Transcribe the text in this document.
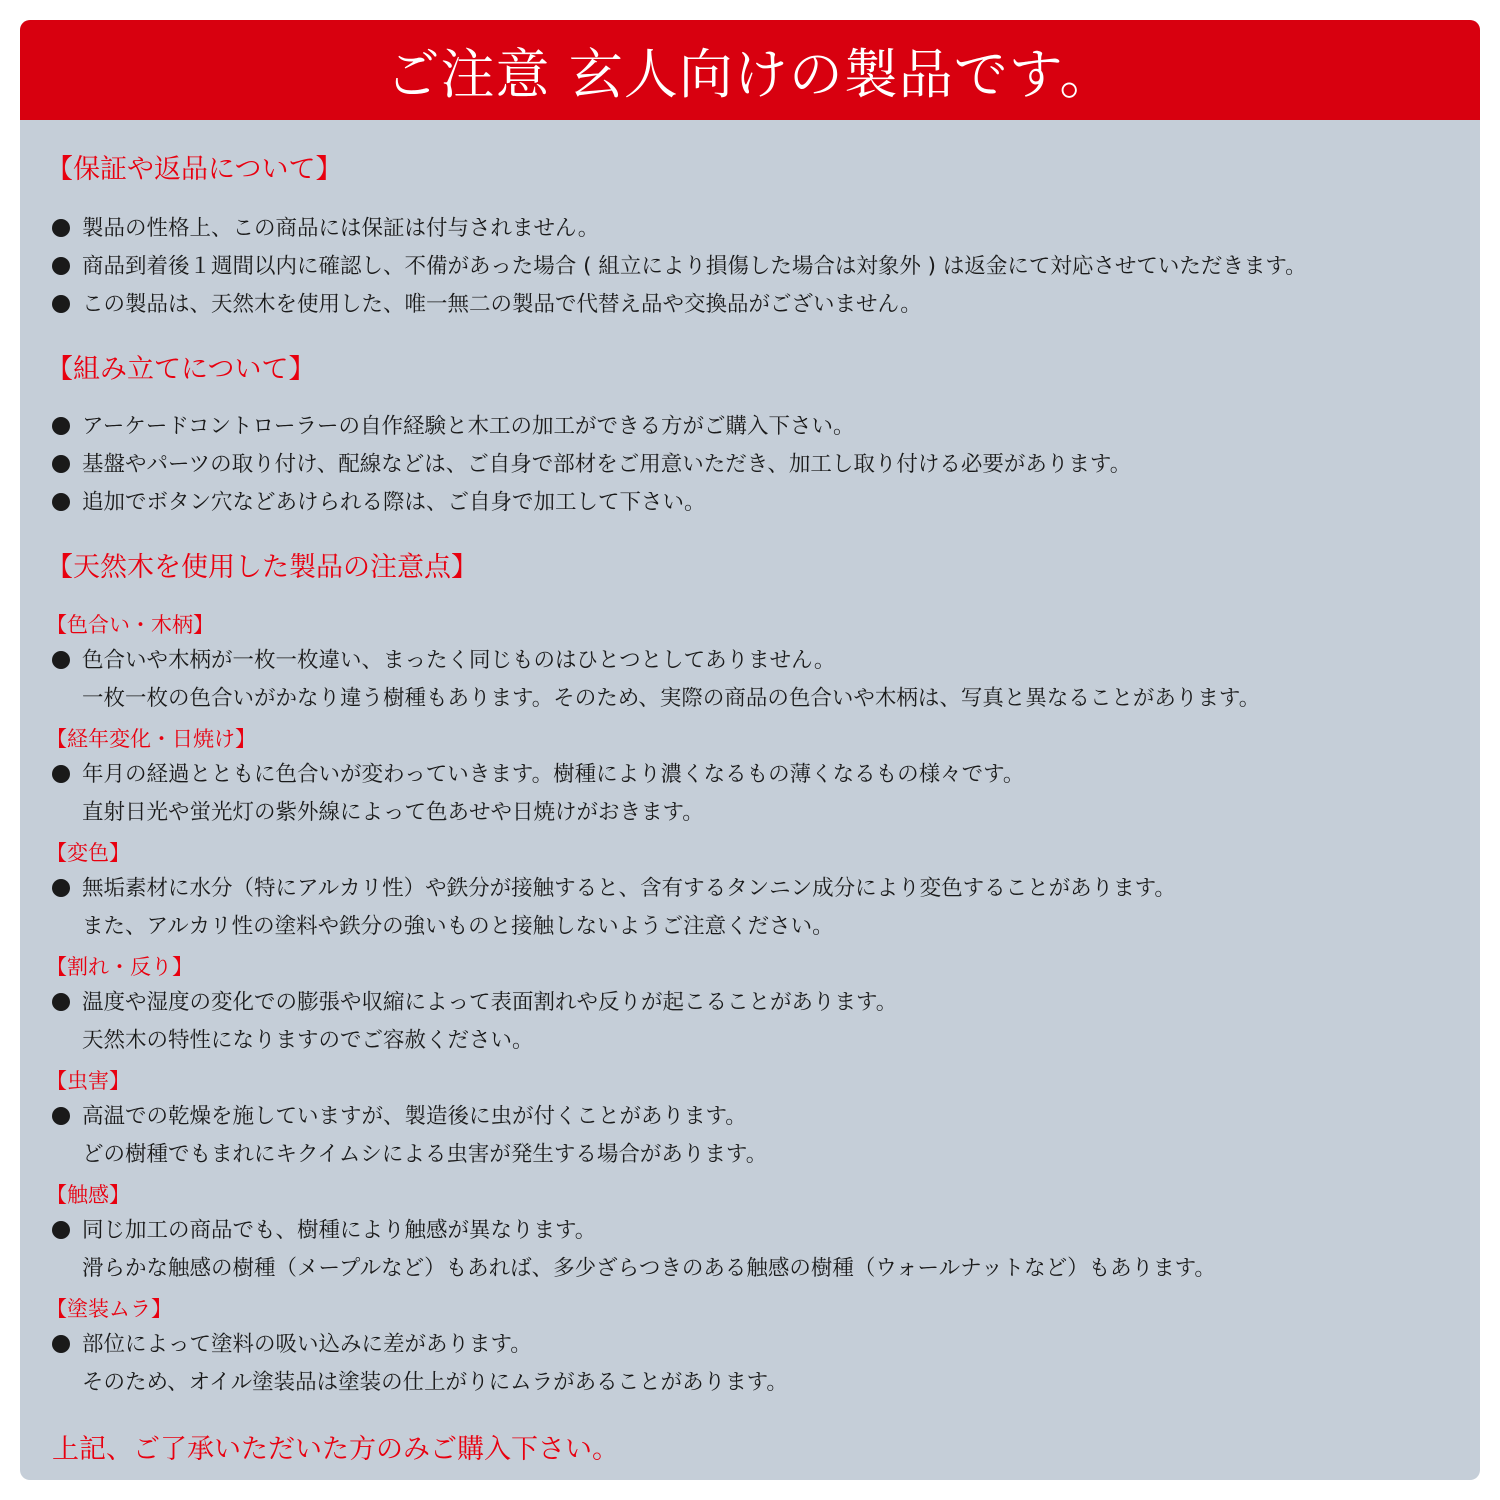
ご注意 玄人向けの製品です。
【保証や返品について】
製品の性格上、この商品には保証は付与されません。
商品到着後１週間以内に確認し、不備があった場合 ( 組立により損傷した場合は対象外 ) は返金にて対応させていただきます。
この製品は、天然木を使用した、唯一無二の製品で代替え品や交換品がございません。
【組み立てについて】
アーケードコントローラーの自作経験と木工の加工ができる方がご購入下さい。
基盤やパーツの取り付け、配線などは、ご自身で部材をご用意いただき、加工し取り付ける必要があります。
追加でボタン穴などあけられる際は、ご自身で加工して下さい。
【天然木を使用した製品の注意点】
【色合い・木柄】
色合いや木柄が一枚一枚違い、まったく同じものはひとつとしてありません。
一枚一枚の色合いがかなり違う樹種もあります。そのため、実際の商品の色合いや木柄は、写真と異なることがあります。
【経年変化・日焼け】
年月の経過とともに色合いが変わっていきます。樹種により濃くなるもの薄くなるもの様々です。
直射日光や蛍光灯の紫外線によって色あせや日焼けがおきます。
【変色】
無垢素材に水分（特にアルカリ性）や鉄分が接触すると、含有するタンニン成分により変色することがあります。
また、アルカリ性の塗料や鉄分の強いものと接触しないようご注意ください。
【割れ・反り】
温度や湿度の変化での膨張や収縮によって表面割れや反りが起こることがあります。
天然木の特性になりますのでご容赦ください。
【虫害】
高温での乾燥を施していますが、製造後に虫が付くことがあります。
どの樹種でもまれにキクイムシによる虫害が発生する場合があります。
【触感】
同じ加工の商品でも、樹種により触感が異なります。
滑らかな触感の樹種（メープルなど）もあれば、多少ざらつきのある触感の樹種（ウォールナットなど）もあります。
【塗装ムラ】
部位によって塗料の吸い込みに差があります。
そのため、オイル塗装品は塗装の仕上がりにムラがあることがあります。
上記、ご了承いただいた方のみご購入下さい。
